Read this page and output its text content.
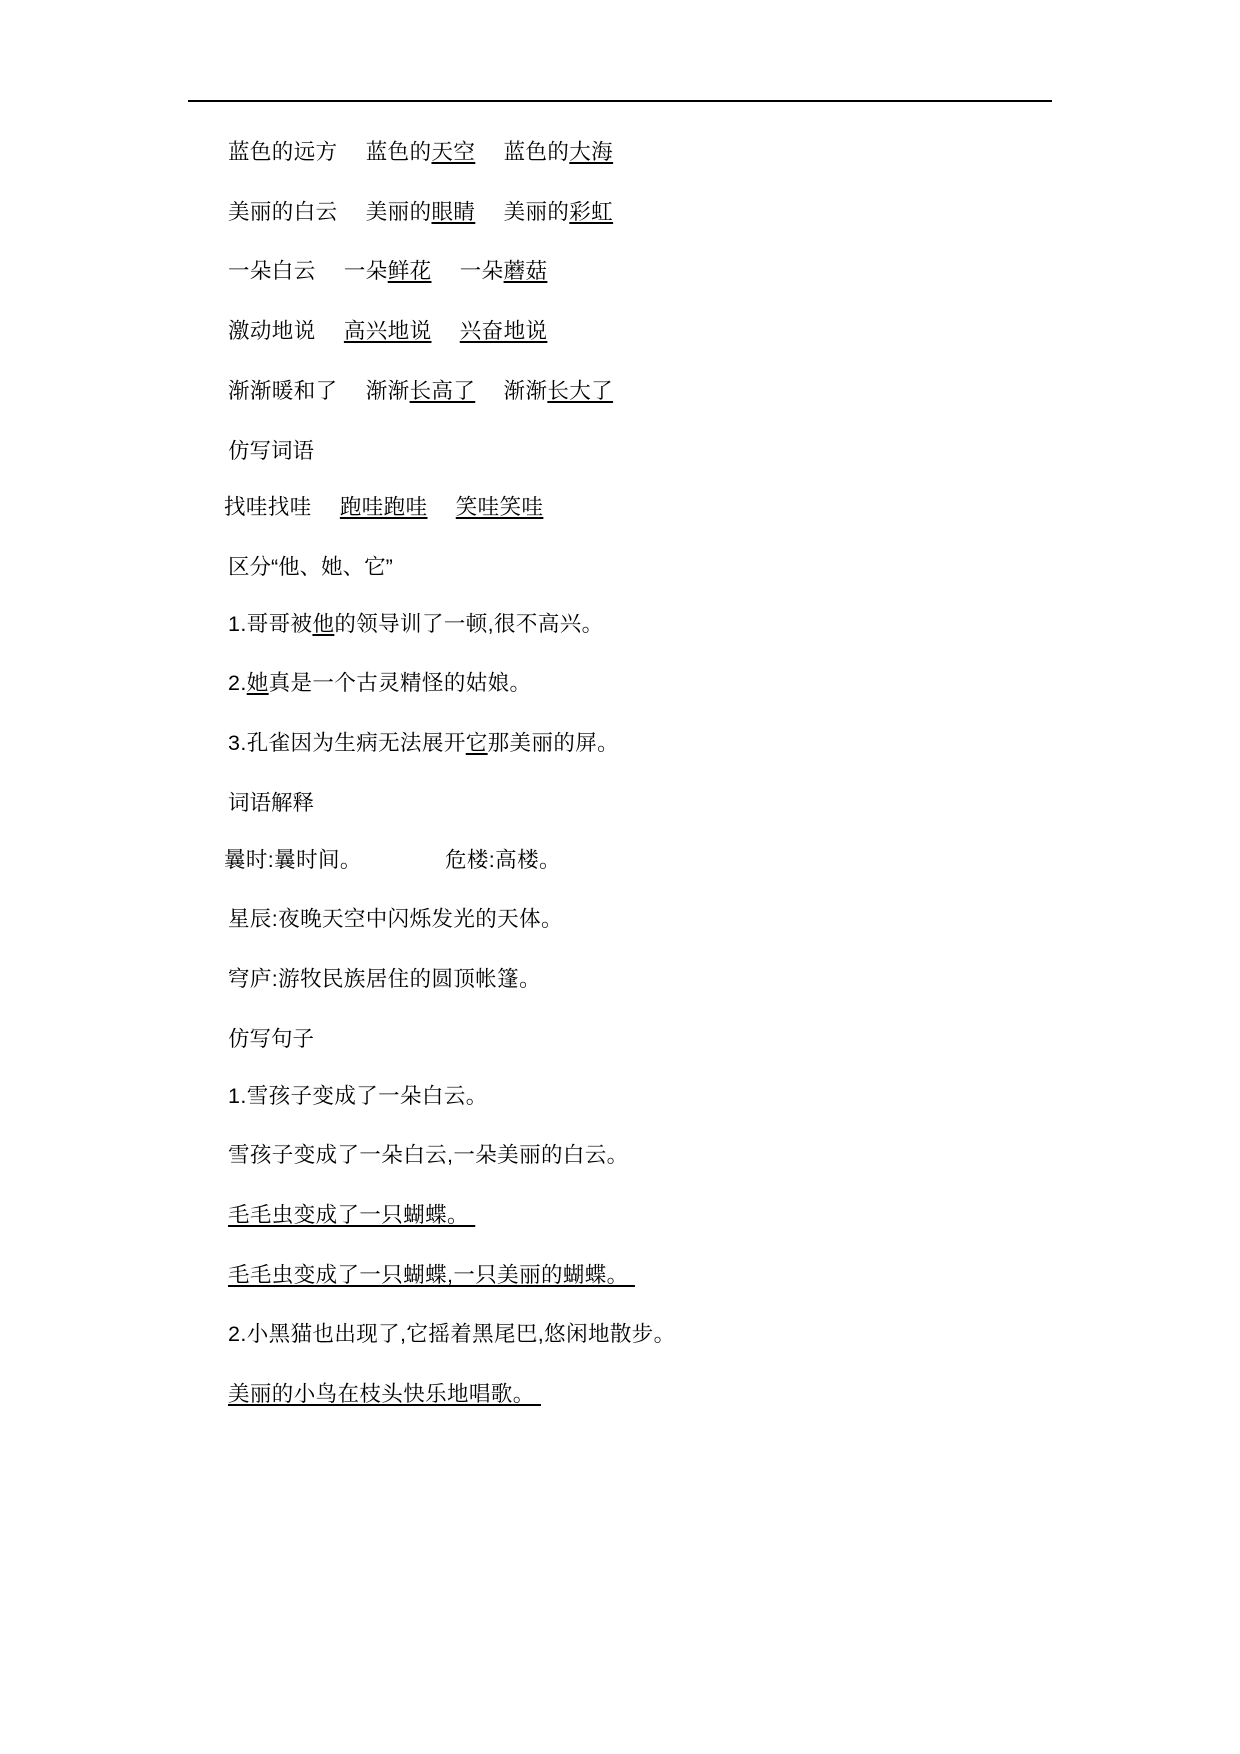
蓝色的远方　 蓝色的天空　 蓝色的大海
美丽的白云　 美丽的眼睛　 美丽的彩虹
一朵白云　 一朵鲜花　 一朵蘑菇
激动地说　 高兴地说　 兴奋地说
渐渐暖和了　 渐渐长高了　 渐渐长大了
仿写词语
找哇找哇　 跑哇跑哇　 笑哇笑哇
区分“他、她、它”
1.哥哥被他的领导训了一顿,很不高兴。
2.她真是一个古灵精怪的姑娘。
3.孔雀因为生病无法展开它那美丽的屏。
词语解释
曩时:曩时间。　　　　 危楼:高楼。
星辰:夜晚天空中闪烁发光的天体。
穹庐:游牧民族居住的圆顶帐篷。
仿写句子
1.雪孩子变成了一朵白云。
雪孩子变成了一朵白云,一朵美丽的白云。
毛毛虫变成了一只蝴蝶。
毛毛虫变成了一只蝴蝶,一只美丽的蝴蝶。
2.小黑猫也出现了,它摇着黑尾巴,悠闲地散步。
美丽的小鸟在枝头快乐地唱歌。
